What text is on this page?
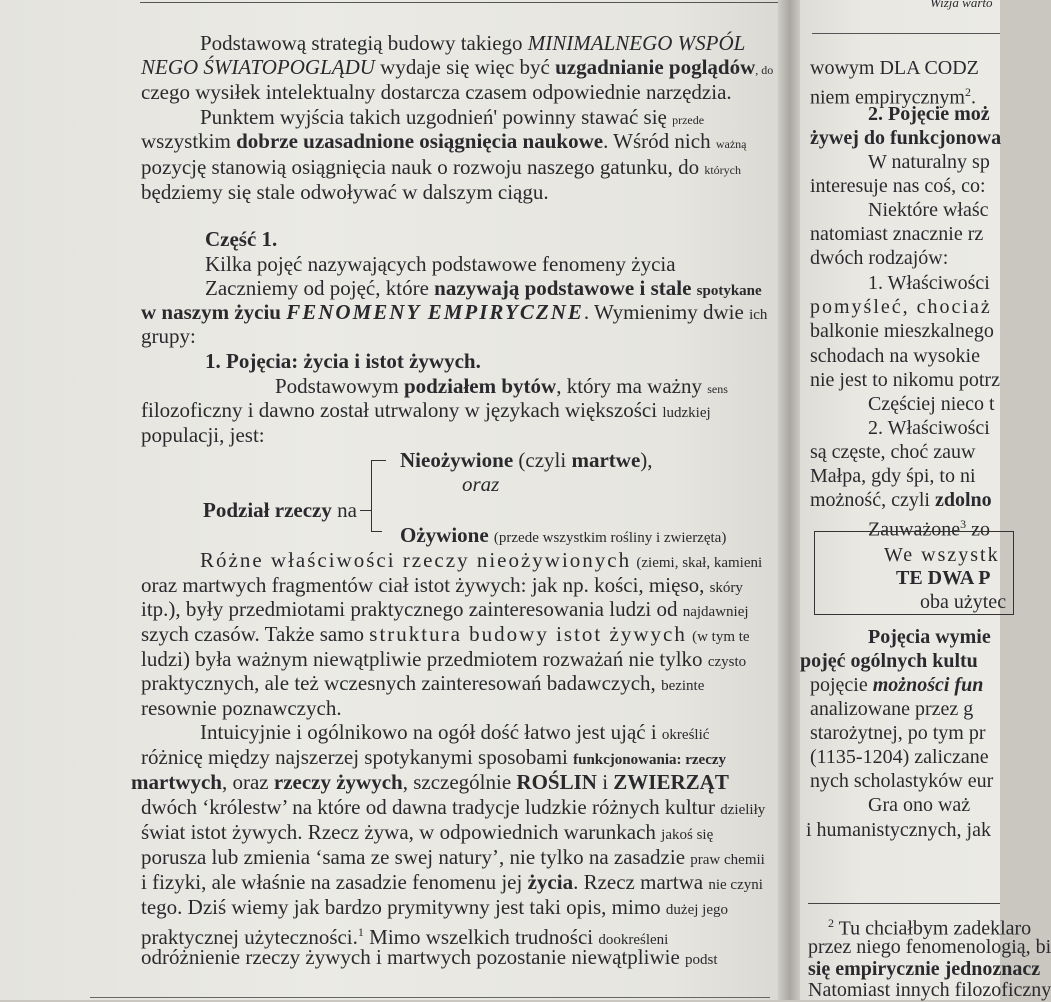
Podstawową strategią budowy takiego MINIMALNEGO WSPÓL
NEGO ŚWIATOPOGLĄDU wydaje się więc być uzgadnianie poglądów, do
czego wysiłek intelektualny dostarcza czasem odpowiednie narzędzia.
Punktem wyjścia takich uzgodnień' powinny stawać się przede
wszystkim dobrze uzasadnione osiągnięcia naukowe. Wśród nich ważną
pozycję stanowią osiągnięcia nauk o rozwoju naszego gatunku, do których
będziemy się stale odwoływać w dalszym ciągu.
Część 1.
Kilka pojęć nazywających podstawowe fenomeny życia
Zaczniemy od pojęć, które nazywają podstawowe i stale spotykane
w naszym życiu FENOMENY EMPIRYCZNE. Wymienimy dwie ich
grupy:
1. Pojęcia: życia i istot żywych.
Podstawowym podziałem bytów, który ma ważny sens
filozoficzny i dawno został utrwalony w językach większości ludzkiej
populacji, jest:
Nieożywione (czyli martwe),
oraz
Podział rzeczy na
Ożywione (przede wszystkim rośliny i zwierzęta)
Różne właściwości rzeczy nieożywionych (ziemi, skał, kamieni
oraz martwych fragmentów ciał istot żywych: jak np. kości, mięso, skóry
itp.), były przedmiotami praktycznego zainteresowania ludzi od najdawniej
szych czasów. Także samo struktura budowy istot żywych (w tym te
ludzi) była ważnym niewątpliwie przedmiotem rozważań nie tylko czysto
praktycznych, ale też wczesnych zainteresowań badawczych, bezinte
resownie poznawczych.
Intuicyjnie i ogólnikowo na ogół dość łatwo jest ująć i określić
różnicę między najszerzej spotykanymi sposobami funkcjonowania: rzeczy
martwych, oraz rzeczy żywych, szczególnie ROŚLIN i ZWIERZĄT
dwóch ‘królestw’ na które od dawna tradycje ludzkie różnych kultur dzieliły
świat istot żywych. Rzecz żywa, w odpowiednich warunkach jakoś się
porusza lub zmienia ‘sama ze swej natury’, nie tylko na zasadzie praw chemii
i fizyki, ale właśnie na zasadzie fenomenu jej życia. Rzecz martwa nie czyni
tego. Dziś wiemy jak bardzo prymitywny jest taki opis, mimo dużej jego
praktycznej użyteczności.$^1$ Mimo wszelkich trudności dookreśleni
odróżnienie rzeczy żywych i martwych pozostanie niewątpliwie podst
Wizja warto
wowym DLA CODZ
niem empirycznym$^2$.
2. Pojęcie moż
żywej do funkcjonowa
W naturalny sp
interesuje nas coś, co:
Niektóre właśc
natomiast znacznie rz
dwóch rodzajów:
1. Właściwości
pomyśleć, chociaż
balkonie mieszkalnego
schodach na wysokie
nie jest to nikomu potrz
Częściej nieco t
2. Właściwości
są częste, choć zauw
Małpa, gdy śpi, to ni
możność, czyli zdolno
Zauważone$^3$ zo
We wszystk
TE DWA P
oba użytec
Pojęcia wymie
pojęć ogólnych kultu
pojęcie możności fun
analizowane przez g
starożytnej, po tym pr
(1135-1204) zaliczane
nych scholastyków eur
Gra ono waż
i humanistycznych, jak
$^2$ Tu chciałbym zadeklaro
przez niego fenomenologią, bi
się empirycznie jednoznacz
Natomiast innych filozoficzny
